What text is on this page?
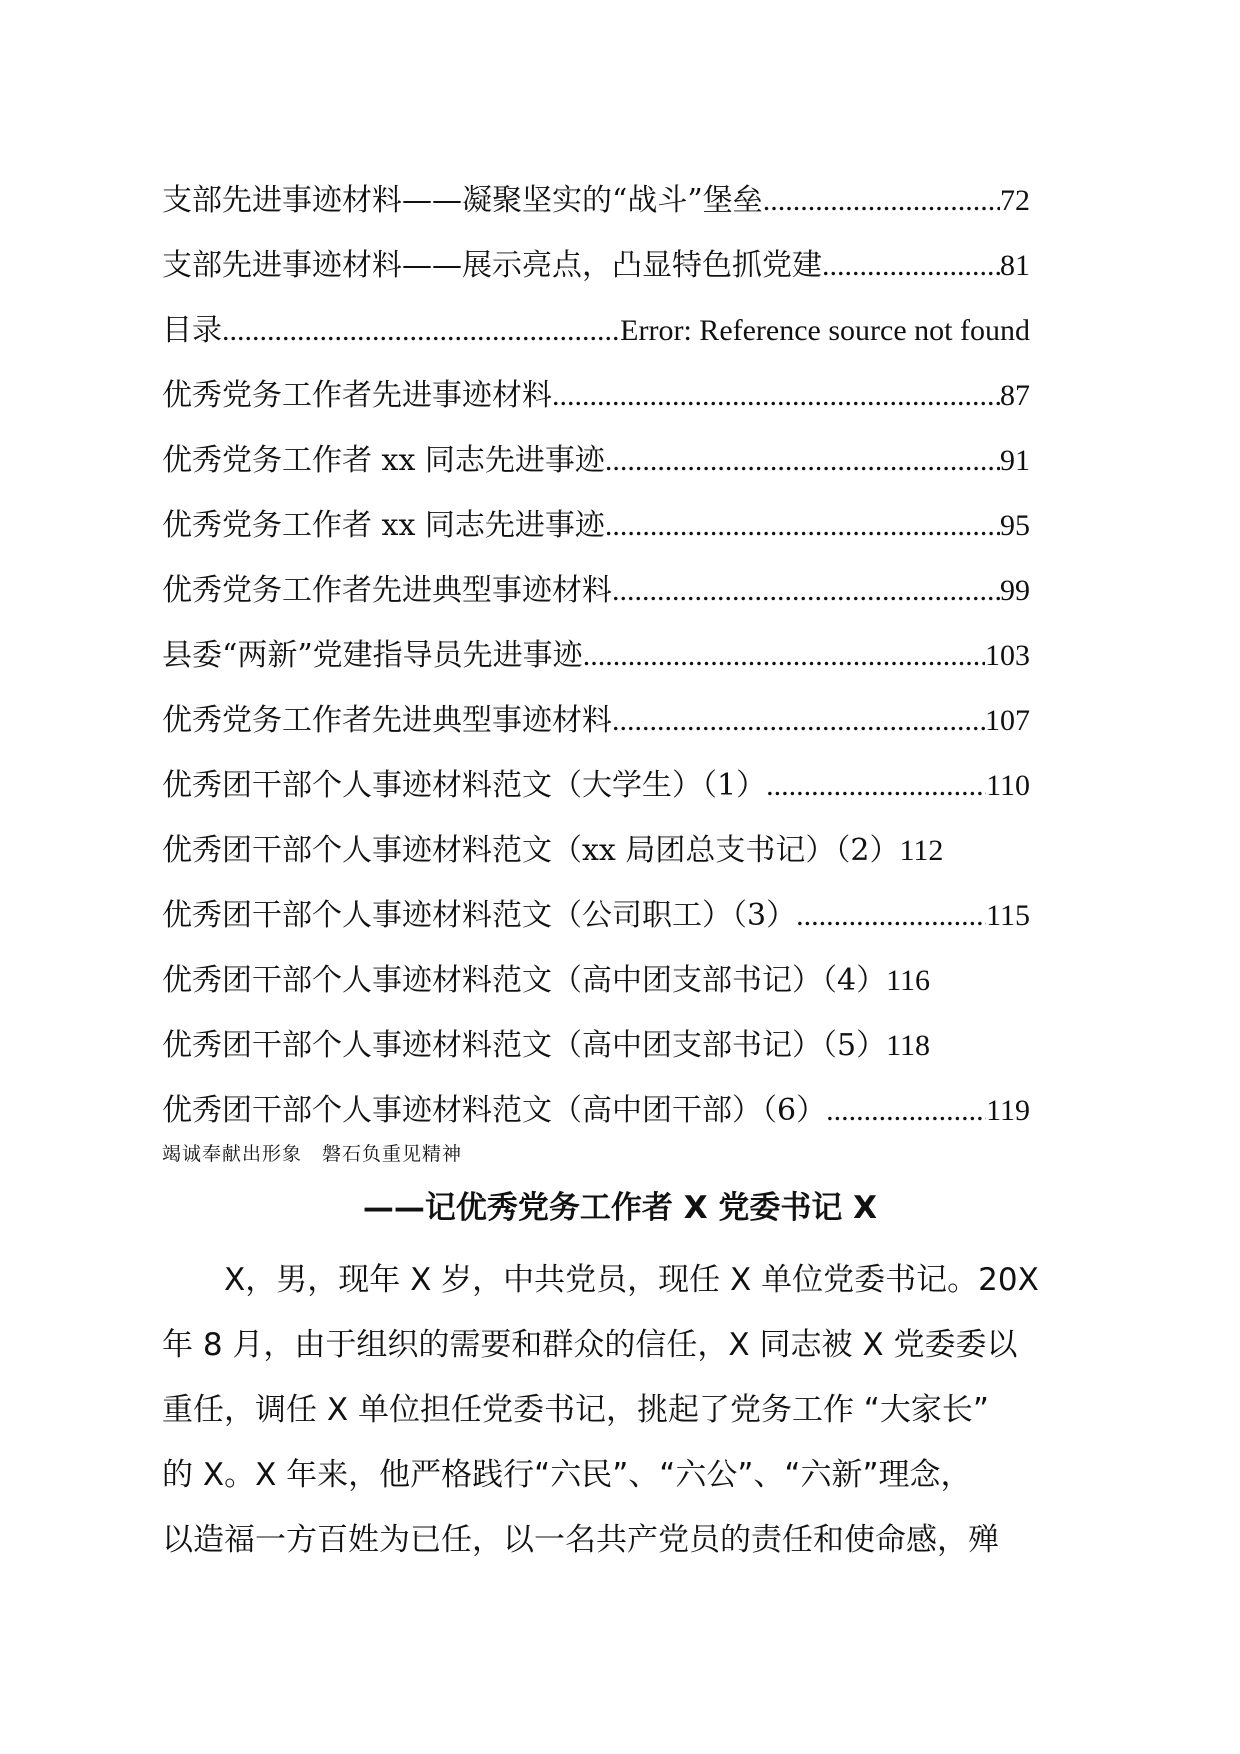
支部先进事迹材料——凝聚坚实的“战斗”堡垒 .....	72
支部先进事迹材料——展示亮点，凸显特色抓党建 .....	81
目录 .....	Error: Reference source not found
优秀党务工作者先进事迹材料 .....	87
优秀党务工作者 xx 同志先进事迹 .....	91
优秀党务工作者 xx 同志先进事迹 .....	95
优秀党务工作者先进典型事迹材料 .....	99
县委“两新”党建指导员先进事迹 .....	103
优秀党务工作者先进典型事迹材料 .....	107
优秀团干部个人事迹材料范文（大学生）（1） .....	110
优秀团干部个人事迹材料范文（xx 局团总支书记）（2） 112
优秀团干部个人事迹材料范文（公司职工）（3） .....	115
优秀团干部个人事迹材料范文（高中团支部书记）（4） 116
优秀团干部个人事迹材料范文（高中团支部书记）（5） 118
优秀团干部个人事迹材料范文（高中团干部）（6） .....	119
竭诚奉献出形象　磐石负重见精神
——记优秀党务工作者 X 党委书记 X
X，男，现年 X 岁，中共党员，现任 X 单位党委书记。20X
年 8 月，由于组织的需要和群众的信任，X 同志被 X 党委委以
重任，调任 X 单位担任党委书记，挑起了党务工作 “大家长”
的 X。X 年来，他严格践行“六民”、“六公”、“六新”理念，
以造福一方百姓为已任，以一名共产党员的责任和使命感，殚
